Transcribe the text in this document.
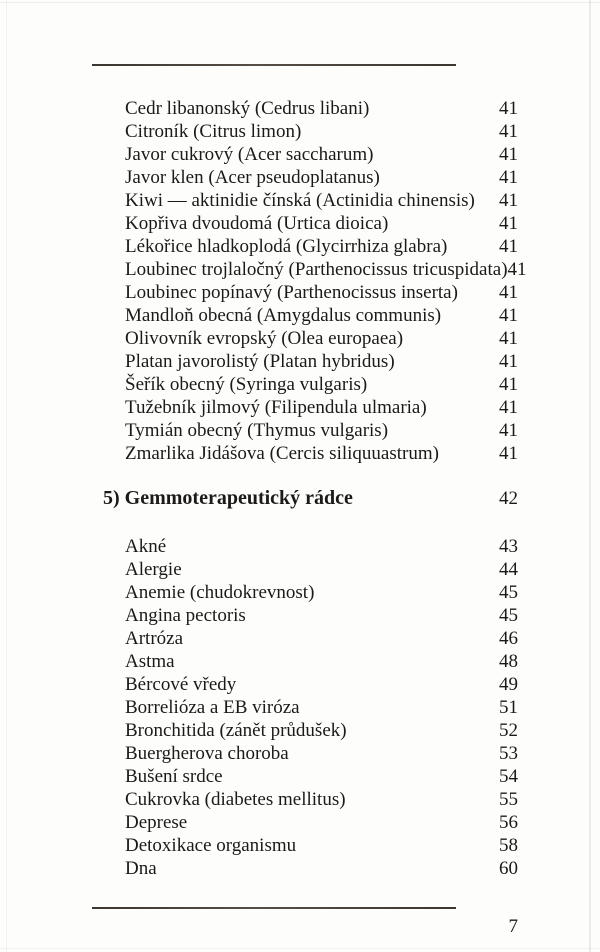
Cedr libanonský (Cedrus libani)	41
Citroník (Citrus limon)	41
Javor cukrový (Acer saccharum)	41
Javor klen (Acer pseudoplatanus)	41
Kiwi — aktinidie čínská (Actinidia chinensis) 41
Kopřiva dvoudomá (Urtica dioica)	41
Lékořice hladkoplodá (Glycirrhiza glabra)	41
Loubinec trojlaločný (Parthenocissus tricuspidata) 41
Loubinec popínavý (Parthenocissus inserta) 41
Mandloň obecná (Amygdalus communis)	41
Olivovník evropský (Olea europaea)	41
Platan javorolistý (Platan hybridus)	41
Šeřík obecný (Syringa vulgaris)	41
Tužebník jilmový (Filipendula ulmaria)	41
Tymián obecný (Thymus vulgaris)	41
Zmarlika Jidášova (Cercis siliquuastrum)	41
5) Gemmoterapeutický rádce	42
Akné	43
Alergie	44
Anemie (chudokrevnost)	45
Angina pectoris	45
Artróza	46
Astma	48
Bércové vředy	49
Borrelióza a EB viróza	51
Bronchitida (zánět průdušek)	52
Buergherova choroba	53
Bušení srdce	54
Cukrovka (diabetes mellitus)	55
Deprese	56
Detoxikace organismu	58
Dna	60
7
